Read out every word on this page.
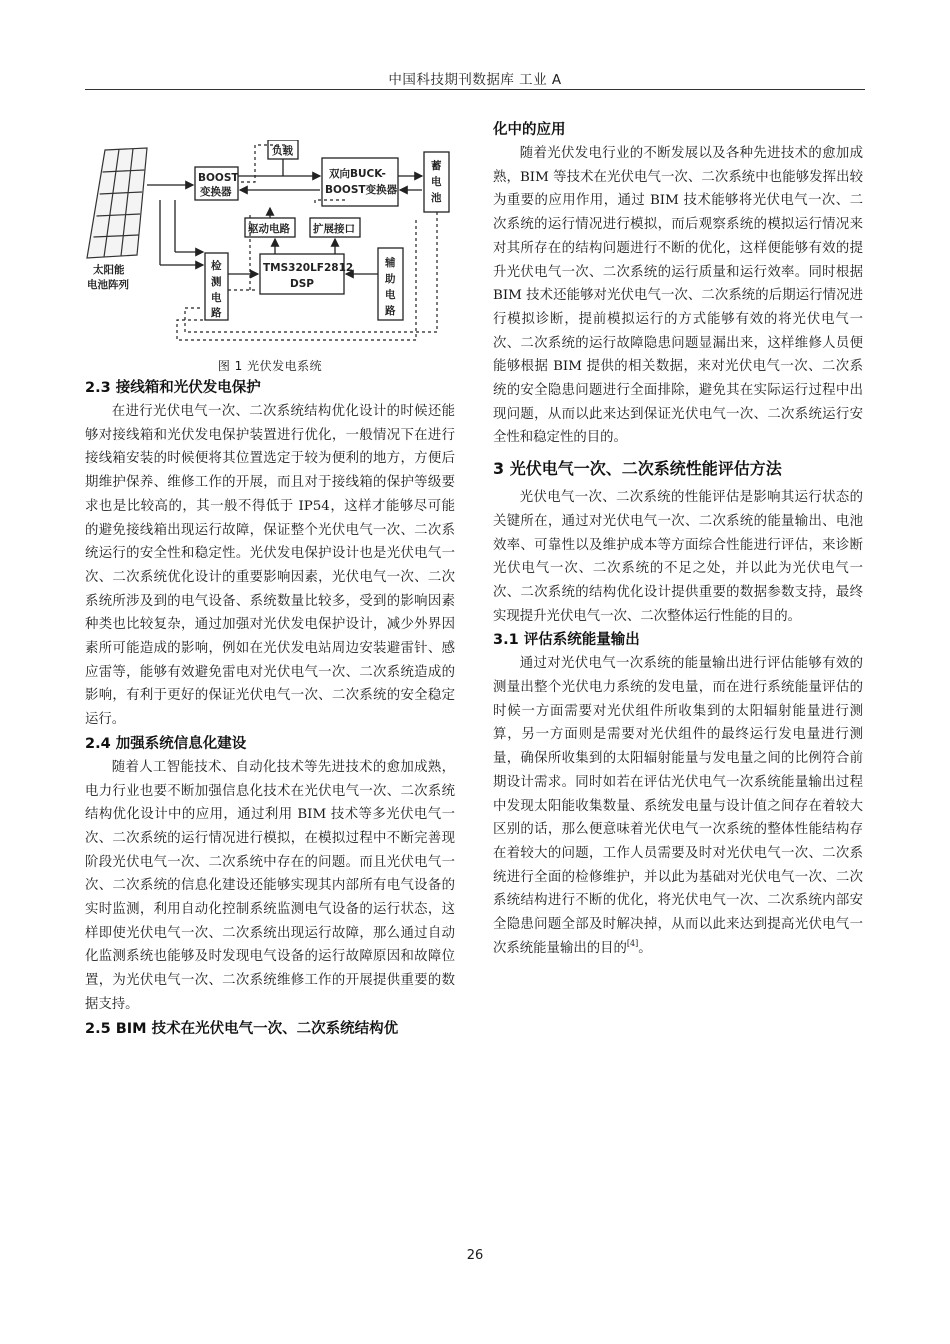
中国科技期刊数据库 工业 A
太阳能
电池阵列
BOOST
变换器
负载
双向BUCK-
BOOST变换器
蓄
电
池
驱动电路 扩展接口
检
测
电
路
TMS320LF2812
DSP
辅
助
电
路
图 1 光伏发电系统
2.3 接线箱和光伏发电保护

在进行光伏电气一次、二次系统结构优化设计的时候还能够对接线箱和光伏发电保护装置进行优化，一般情况下在进行接线箱安装的时候便将其位置选定于较为便利的地方，方便后期维护保养、维修工作的开展，而且对于接线箱的保护等级要求也是比较高的，其一般不得低于 IP54，这样才能够尽可能的避免接线箱出现运行故障，保证整个光伏电气一次、二次系统运行的安全性和稳定性。光伏发电保护设计也是光伏电气一次、二次系统优化设计的重要影响因素，光伏电气一次、二次系统所涉及到的电气设备、系统数量比较多，受到的影响因素种类也比较复杂，通过加强对光伏发电保护设计，减少外界因素所可能造成的影响，例如在光伏发电站周边安装避雷针、感应雷等，能够有效避免雷电对光伏电气一次、二次系统造成的影响，有利于更好的保证光伏电气一次、二次系统的安全稳定运行。

2.4 加强系统信息化建设

随着人工智能技术、自动化技术等先进技术的愈加成熟，电力行业也要不断加强信息化技术在光伏电气一次、二次系统结构优化设计中的应用，通过利用 BIM 技术等多光伏电气一次、二次系统的运行情况进行模拟，在模拟过程中不断完善现阶段光伏电气一次、二次系统中存在的问题。而且光伏电气一次、二次系统的信息化建设还能够实现其内部所有电气设备的实时监测，利用自动化控制系统监测电气设备的运行状态，这样即使光伏电气一次、二次系统出现运行故障，那么通过自动化监测系统也能够及时发现电气设备的运行故障原因和故障位置，为光伏电气一次、二次系统维修工作的开展提供重要的数据支持。

2.5 BIM 技术在光伏电气一次、二次系统结构优
化中的应用

随着光伏发电行业的不断发展以及各种先进技术的愈加成熟，BIM 等技术在光伏电气一次、二次系统中也能够发挥出较为重要的应用作用，通过 BIM 技术能够将光伏电气一次、二次系统的运行情况进行模拟，而后观察系统的模拟运行情况来对其所存在的结构问题进行不断的优化，这样便能够有效的提升光伏电气一次、二次系统的运行质量和运行效率。同时根据 BIM 技术还能够对光伏电气一次、二次系统的后期运行情况进行模拟诊断，提前模拟运行的方式能够有效的将光伏电气一次、二次系统的运行故障隐患问题显漏出来，这样维修人员便能够根据 BIM 提供的相关数据，来对光伏电气一次、二次系统的安全隐患问题进行全面排除，避免其在实际运行过程中出现问题，从而以此来达到保证光伏电气一次、二次系统运行安全性和稳定性的目的。

3 光伏电气一次、二次系统性能评估方法

光伏电气一次、二次系统的性能评估是影响其运行状态的关键所在，通过对光伏电气一次、二次系统的能量输出、电池效率、可靠性以及维护成本等方面综合性能进行评估，来诊断光伏电气一次、二次系统的不足之处，并以此为光伏电气一次、二次系统的结构优化设计提供重要的数据参数支持，最终实现提升光伏电气一次、二次整体运行性能的目的。

3.1 评估系统能量输出

通过对光伏电气一次系统的能量输出进行评估能够有效的测量出整个光伏电力系统的发电量，而在进行系统能量评估的时候一方面需要对光伏组件所收集到的太阳辐射能量进行测算，另一方面则是需要对光伏组件的最终运行发电量进行测量，确保所收集到的太阳辐射能量与发电量之间的比例符合前期设计需求。同时如若在评估光伏电气一次系统能量输出过程中发现太阳能收集数量、系统发电量与设计值之间存在着较大区别的话，那么便意味着光伏电气一次系统的整体性能结构存在着较大的问题，工作人员需要及时对光伏电气一次、二次系统进行全面的检修维护，并以此为基础对光伏电气一次、二次系统结构进行不断的优化，将光伏电气一次、二次系统内部安全隐患问题全部及时解决掉，从而以此来达到提高光伏电气一次系统能量输出的目的[4]。

26
